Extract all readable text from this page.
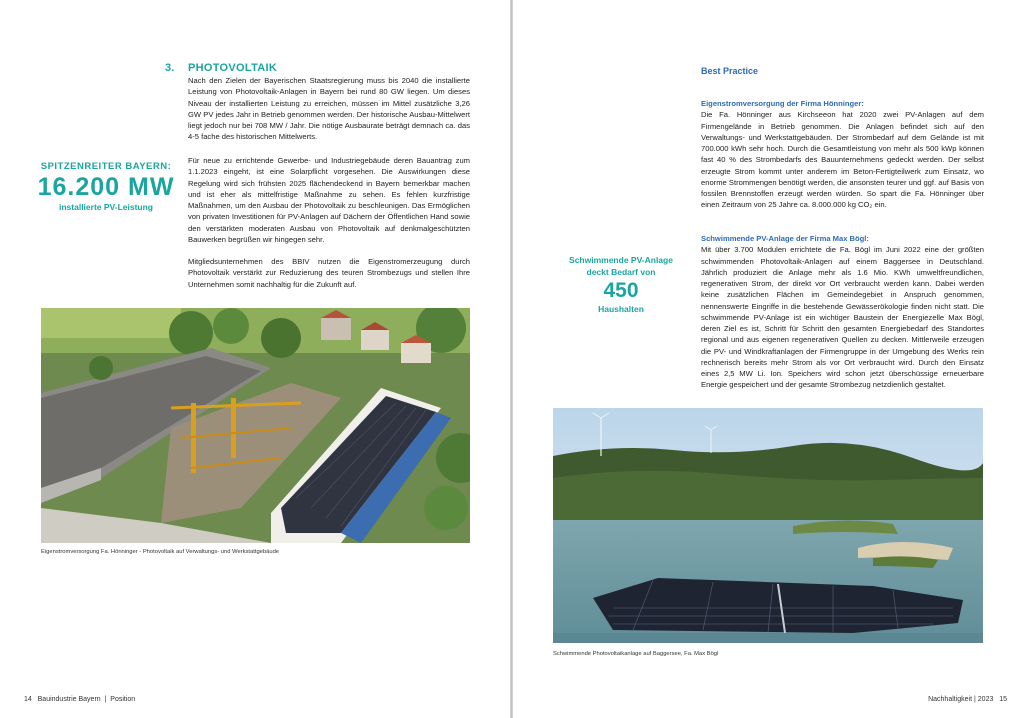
3. PHOTOVOLTAIK

Nach den Zielen der Bayerischen Staatsregierung muss bis 2040 die installierte Leistung von Photovoltaik-Anlagen in Bayern bei rund 80 GW liegen. Um dieses Niveau der installierten Leistung zu erreichen, müssen im Mittel zusätzliche 3,26 GW PV jedes Jahr in Betrieb genommen werden. Der historische Ausbau-Mittelwert liegt jedoch nur bei 708 MW / Jahr. Die nötige Ausbaurate beträgt demnach ca. das 4-5 fache des historischen Mittelwerts.

Für neue zu errichtende Gewerbe- und Industriegebäude deren Bauantrag zum 1.1.2023 eingeht, ist eine Solarpflicht vorgesehen. Die Auswirkungen diese Regelung wird sich frühsten 2025 flächendeckend in Bayern bemerkbar machen und ist eher als mittelfristige Maßnahme zu sehen. Es fehlen kurzfristige Maßnahmen, um den Ausbau der Photovoltaik zu beschleunigen. Das Ermöglichen von privaten Investitionen für PV-Anlagen auf Dächern der Öffentlichen Hand sowie den verstärkten moderaten Ausbau von Photovoltaik auf denkmalgeschützten Bauwerken begrüßen wir hingegen sehr.

Mitgliedsunternehmen des BBIV nutzen die Eigenstromerzeugung durch Photovoltaik verstärkt zur Reduzierung des teuren Strombezugs und stellen Ihre Unternehmen somit nachhaltig für die Zukunft auf.

SPITZENREITER BAYERN:
16.200 MW
installierte PV-Leistung
Eigenstromversorgung Fa. Hönninger - Photovoltaik auf Verwaltungs- und Werkstattgebäude
14 Bauindustrie Bayern | Position
Best Practice
Eigenstromversorgung der Firma Hönninger:

Die Fa. Hönninger aus Kirchseeon hat 2020 zwei PV-Anlagen auf dem Firmengelände in Betrieb genommen. Die Anlagen befindet sich auf den Verwaltungs- und Werkstattgebäuden. Der Strombedarf auf dem Gelände ist mit 700.000 kWh sehr hoch. Durch die Gesamtleistung von mehr als 500 kWp können fast 40 % des Strombedarfs des Bauunternehmens gedeckt werden. Der selbst erzeugte Strom kommt unter anderem im Beton-Fertigteilwerk zum Einsatz, wo enorme Strommengen benötigt werden, die ansonsten teurer und ggf. auf Basis von fossilen Brennstoffen erzeugt werden würden. So spart die Fa. Hönninger über einen Zeitraum von 25 Jahre ca. 8.000.000 kg CO₂ ein.

Schwimmende PV-Anlage der Firma Max Bögl:

Mit über 3.700 Modulen errichtete die Fa. Bögl im Juni 2022 eine der größten schwimmenden Photovoltaik-Anlagen auf einem Baggersee in Deutschland. Jährlich produziert die Anlage mehr als 1.6 Mio. KWh umweltfreundlichen, regenerativen Strom, der direkt vor Ort verbraucht werden kann. Dabei werden keine zusätzlichen Flächen im Gemeindegebiet in Anspruch genommen, nennenswerte Eingriffe in die bestehende Gewässerökologie finden nicht statt. Die schwimmende PV-Anlage ist ein wichtiger Baustein der Energiezelle Max Bögl, deren Ziel es ist, Schritt für Schritt den gesamten Energiebedarf des Standortes regional und aus eigenen regenerativen Quellen zu decken. Mittlerweile erzeugen die PV- und Windkraftanlagen der Firmengruppe in der Umgebung des Werks rein rechnerisch bereits mehr Strom als vor Ort verbraucht wird. Durch den Einsatz eines 2,5 MW Li. Ion. Speichers wird schon jetzt überschüssige erneuerbare Energie gespeichert und der gesamte Strombezug netzdienlich gestaltet.

Schwimmende PV-Anlage
deckt Bedarf von
450
Haushalten
Schwimmende Photovoltaikanlage auf Baggersee, Fa. Max Bögl
Nachhaltigkeit | 2023 15
